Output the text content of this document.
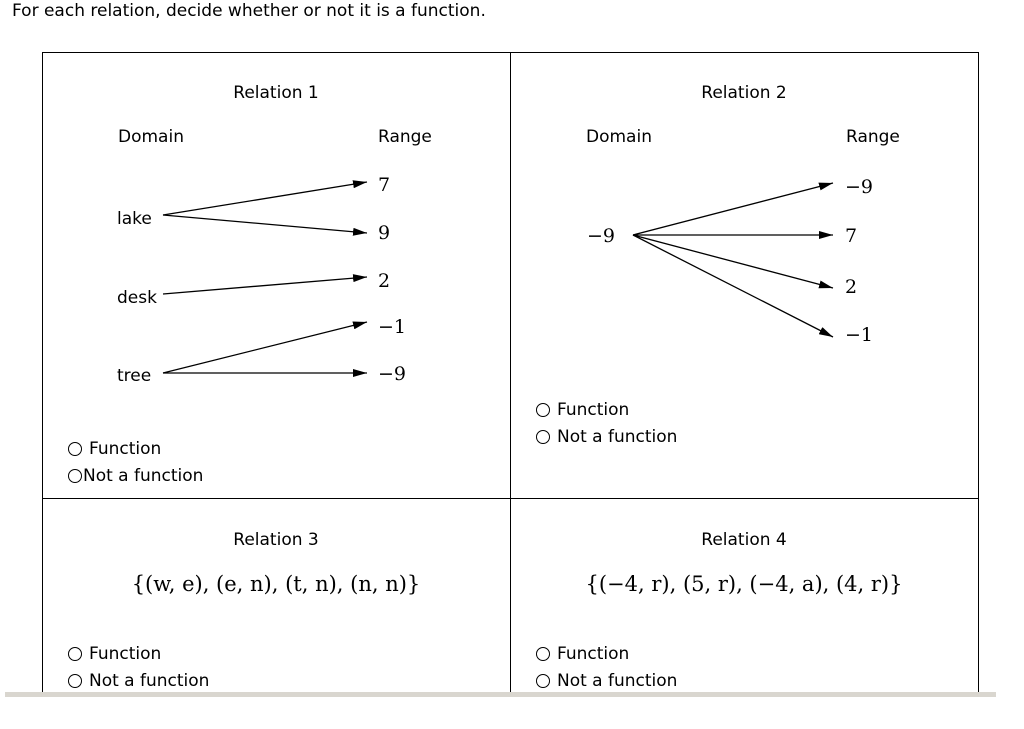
For each relation, decide whether or not it is a function.
Relation 1
Domain	Range
lake
desk
tree
7
9
2
−1
−9
Function
Not a function
Relation 2
Domain	Range
−9
−9
7
2
−1
Function
Not a function
Relation 3
{(w, e), (e, n), (t, n), (n, n)}
Function
Not a function
Relation 4
{(−4, r), (5, r), (−4, a), (4, r)}
Function
Not a function
